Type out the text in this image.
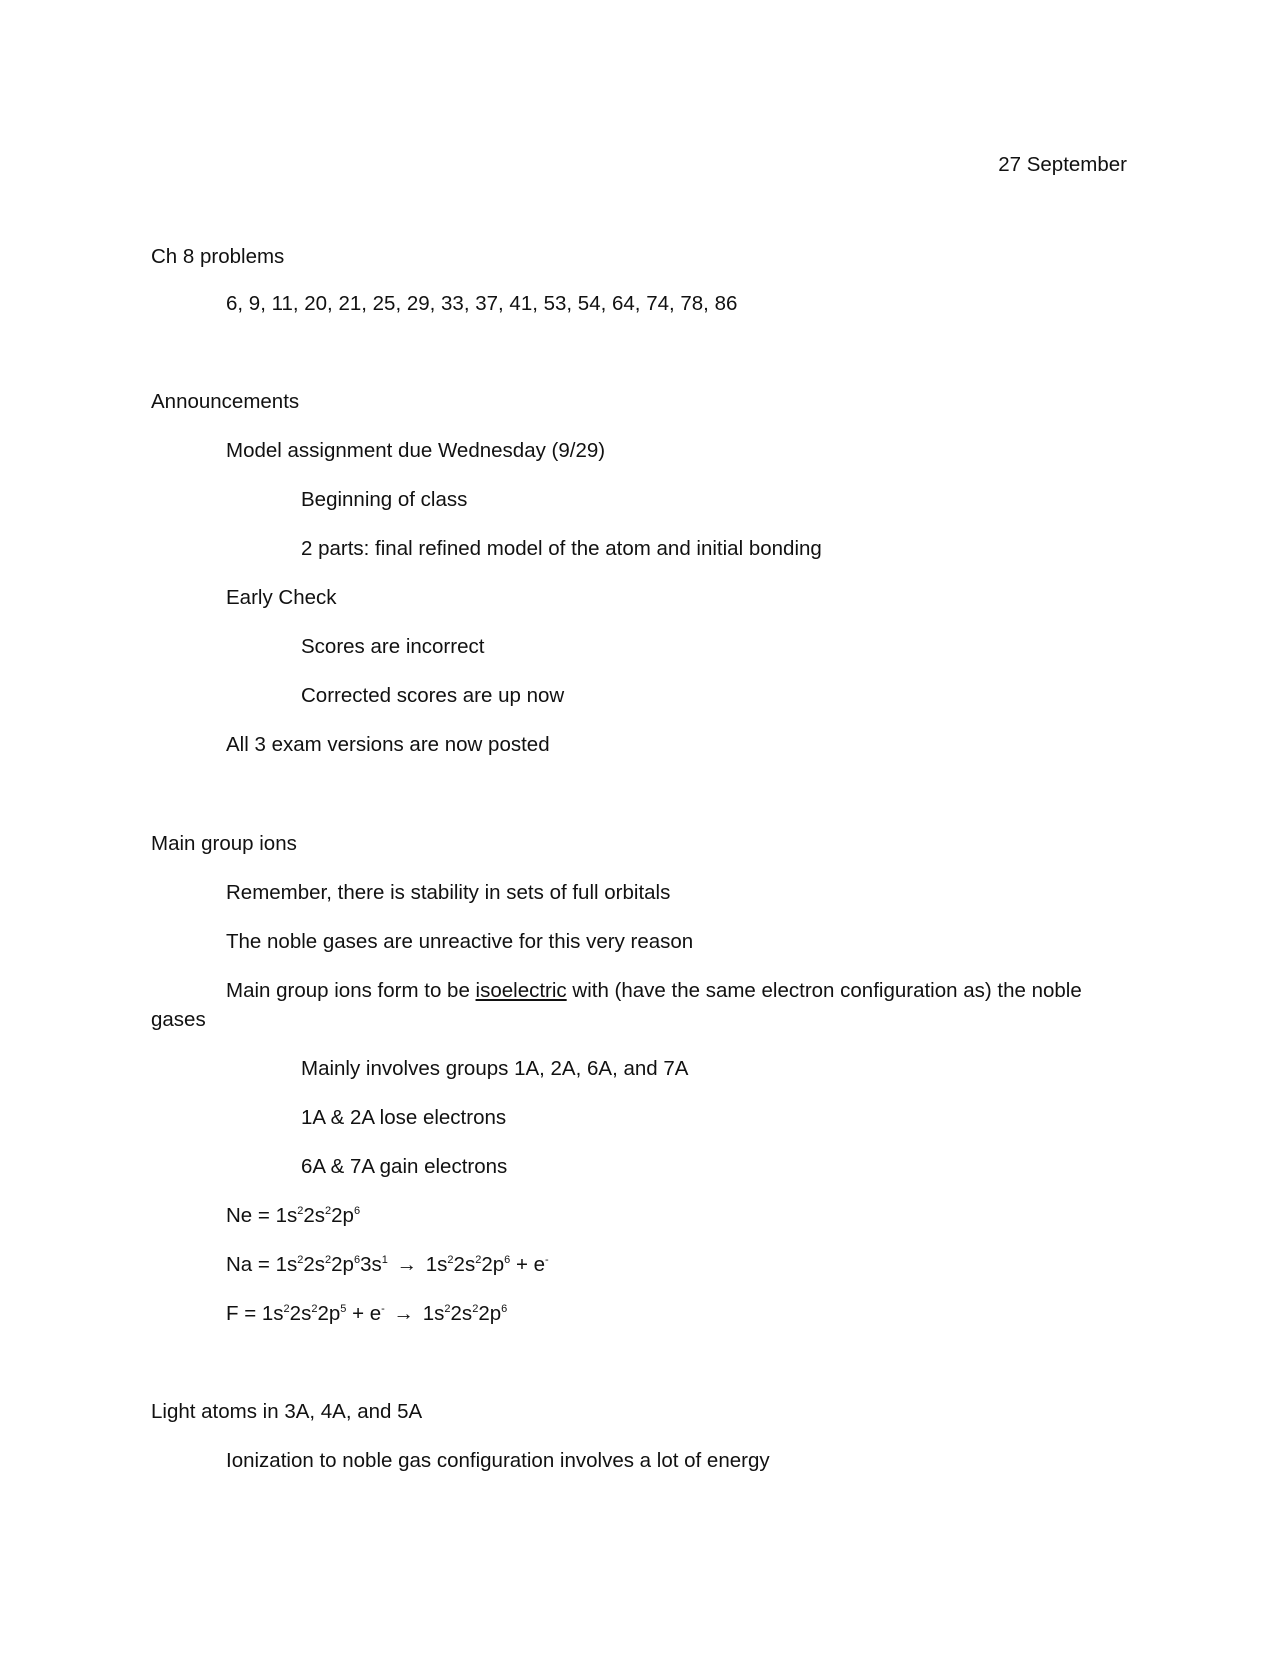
27 September
Ch 8 problems
6, 9, 11, 20, 21, 25, 29, 33, 37, 41, 53, 54, 64, 74, 78, 86
Announcements
Model assignment due Wednesday (9/29)
Beginning of class
2 parts: final refined model of the atom and initial bonding
Early Check
Scores are incorrect
Corrected scores are up now
All 3 exam versions are now posted
Main group ions
Remember, there is stability in sets of full orbitals
The noble gases are unreactive for this very reason
Main group ions form to be isoelectric with (have the same electron configuration as) the noble
gases
Mainly involves groups 1A, 2A, 6A, and 7A
1A & 2A lose electrons
6A & 7A gain electrons
$Ne = 1s^22s^22p^6$
$Na = 1s^22s^22p^63s^1 \to 1s^22s^22p^6 + e^-$
$F = 1s^22s^22p^5 + e^- \to 1s^22s^22p^6$
Light atoms in 3A, 4A, and 5A
Ionization to noble gas configuration involves a lot of energy
